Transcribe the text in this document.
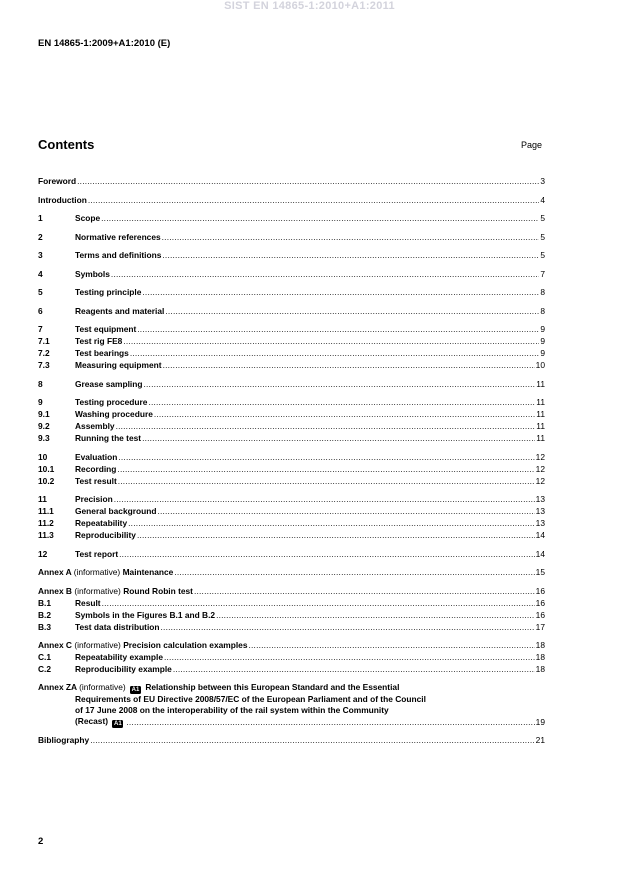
SIST EN 14865-1:2010+A1:2011
EN 14865-1:2009+A1:2010 (E)
Contents	Page
Foreword .....	3
Introduction .....	4
1	Scope .....	5
2	Normative references .....	5
3	Terms and definitions .....	5
4	Symbols .....	7
5	Testing principle .....	8
6	Reagents and material .....	8
7	Test equipment .....	9
7.1	Test rig FE8 .....	9
7.2	Test bearings .....	9
7.3	Measuring equipment .....	10
8	Grease sampling .....	11
9	Testing procedure .....	11
9.1	Washing procedure .....	11
9.2	Assembly .....	11
9.3	Running the test .....	11
10	Evaluation .....	12
10.1	Recording .....	12
10.2	Test result .....	12
11	Precision .....	13
11.1	General background .....	13
11.2	Repeatability .....	13
11.3	Reproducibility .....	14
12	Test report .....	14
Annex A (informative) Maintenance .....	15
Annex B (informative) Round Robin test .....	16
B.1	Result .....	16
B.2	Symbols in the Figures B.1 and B.2 .....	16
B.3	Test data distribution .....	17
Annex C (informative) Precision calculation examples .....	18
C.1	Repeatability example .....	18
C.2	Reproducibility example .....	18
Annex ZA (informative) A1 Relationship between this European Standard and the Essential
Requirements of EU Directive 2008/57/EC of the European Parliament and of the Council
of 17 June 2008 on the interoperability of the rail system within the Community
(Recast) A1 .....	19
Bibliography .....	21
2
